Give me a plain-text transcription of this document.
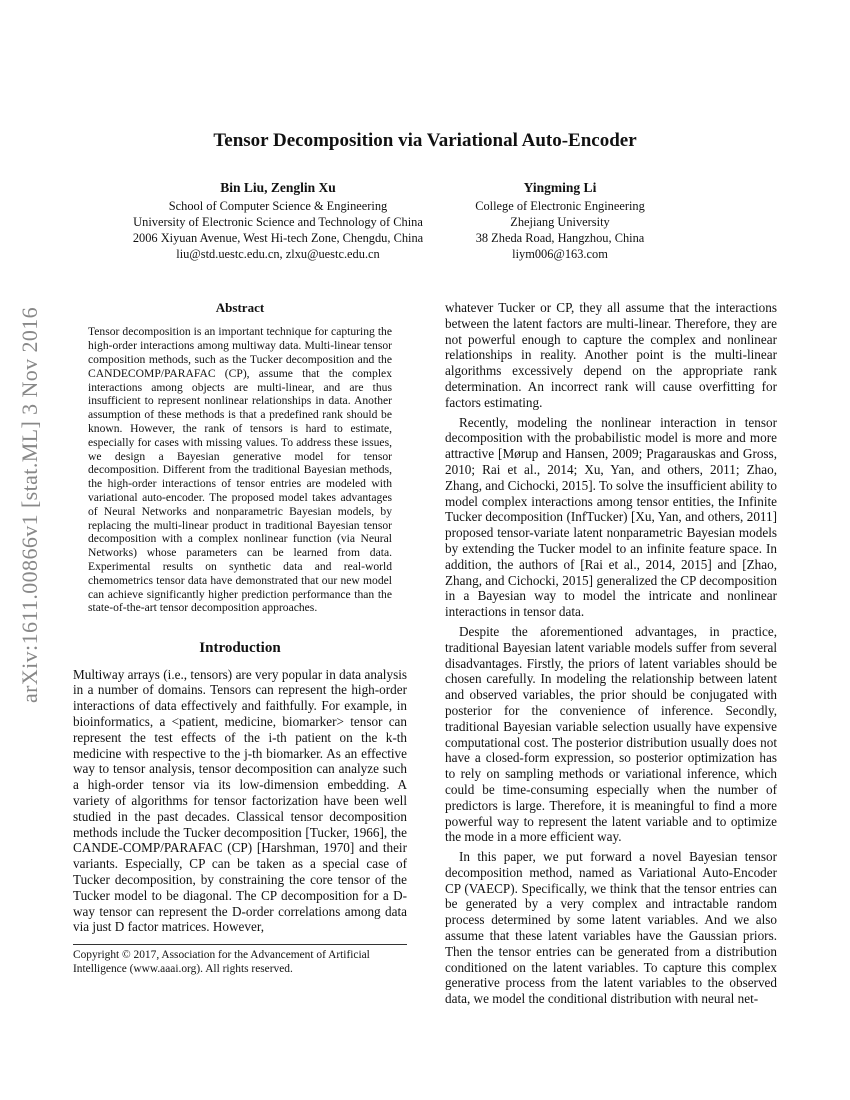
arXiv:1611.00866v1 [stat.ML] 3 Nov 2016
Tensor Decomposition via Variational Auto-Encoder
Bin Liu, Zenglin Xu
School of Computer Science & Engineering
University of Electronic Science and Technology of China
2006 Xiyuan Avenue, West Hi-tech Zone, Chengdu, China
liu@std.uestc.edu.cn, zlxu@uestc.edu.cn
Yingming Li
College of Electronic Engineering
Zhejiang University
38 Zheda Road, Hangzhou, China
liym006@163.com
Abstract

Tensor decomposition is an important technique for capturing the high-order interactions among multiway data. Multi-linear tensor composition methods, such as the Tucker decomposition and the CANDECOMP/PARAFAC (CP), assume that the complex interactions among objects are multi-linear, and are thus insufficient to represent nonlinear relationships in data. Another assumption of these methods is that a predefined rank should be known. However, the rank of tensors is hard to estimate, especially for cases with missing values. To address these issues, we design a Bayesian generative model for tensor decomposition. Different from the traditional Bayesian methods, the high-order interactions of tensor entries are modeled with variational auto-encoder. The proposed model takes advantages of Neural Networks and nonparametric Bayesian models, by replacing the multi-linear product in traditional Bayesian tensor decomposition with a complex nonlinear function (via Neural Networks) whose parameters can be learned from data. Experimental results on synthetic data and real-world chemometrics tensor data have demonstrated that our new model can achieve significantly higher prediction performance than the state-of-the-art tensor decomposition approaches.

Introduction

Multiway arrays (i.e., tensors) are very popular in data analysis in a number of domains. Tensors can represent the high-order interactions of data effectively and faithfully. For example, in bioinformatics, a <patient, medicine, biomarker> tensor can represent the test effects of the i-th patient on the k-th medicine with respective to the j-th biomarker. As an effective way to tensor analysis, tensor decomposition can analyze such a high-order tensor via its low-dimension embedding. A variety of algorithms for tensor factorization have been well studied in the past decades. Classical tensor decomposition methods include the Tucker decomposition [Tucker, 1966], the CANDE-COMP/PARAFAC (CP) [Harshman, 1970] and their variants. Especially, CP can be taken as a special case of Tucker decomposition, by constraining the core tensor of the Tucker model to be diagonal. The CP decomposition for a D-way tensor can represent the D-order correlations among data via just D factor matrices. However,

whatever Tucker or CP, they all assume that the interactions between the latent factors are multi-linear. Therefore, they are not powerful enough to capture the complex and nonlinear relationships in reality. Another point is the multi-linear algorithms excessively depend on the appropriate rank determination. An incorrect rank will cause overfitting for factors estimating.

Recently, modeling the nonlinear interaction in tensor decomposition with the probabilistic model is more and more attractive [Mørup and Hansen, 2009; Pragarauskas and Gross, 2010; Rai et al., 2014; Xu, Yan, and others, 2011; Zhao, Zhang, and Cichocki, 2015]. To solve the insufficient ability to model complex interactions among tensor entities, the Infinite Tucker decomposition (InfTucker) [Xu, Yan, and others, 2011] proposed tensor-variate latent nonparametric Bayesian models by extending the Tucker model to an infinite feature space. In addition, the authors of [Rai et al., 2014, 2015] and [Zhao, Zhang, and Cichocki, 2015] generalized the CP decomposition in a Bayesian way to model the intricate and nonlinear interactions in tensor data.

Despite the aforementioned advantages, in practice, traditional Bayesian latent variable models suffer from several disadvantages. Firstly, the priors of latent variables should be chosen carefully. In modeling the relationship between latent and observed variables, the prior should be conjugated with posterior for the convenience of inference. Secondly, traditional Bayesian variable selection usually have expensive computational cost. The posterior distribution usually does not have a closed-form expression, so posterior optimization has to rely on sampling methods or variational inference, which could be time-consuming especially when the number of predictors is large. Therefore, it is meaningful to find a more powerful way to represent the latent variable and to optimize the mode in a more efficient way.

In this paper, we put forward a novel Bayesian tensor decomposition method, named as Variational Auto-Encoder CP (VAECP). Specifically, we think that the tensor entries can be generated by a very complex and intractable random process determined by some latent variables. And we also assume that these latent variables have the Gaussian priors. Then the tensor entries can be generated from a distribution conditioned on the latent variables. To capture this complex generative process from the latent variables to the observed data, we model the conditional distribution with neural net-

Copyright © 2017, Association for the Advancement of Artificial Intelligence (www.aaai.org). All rights reserved.
